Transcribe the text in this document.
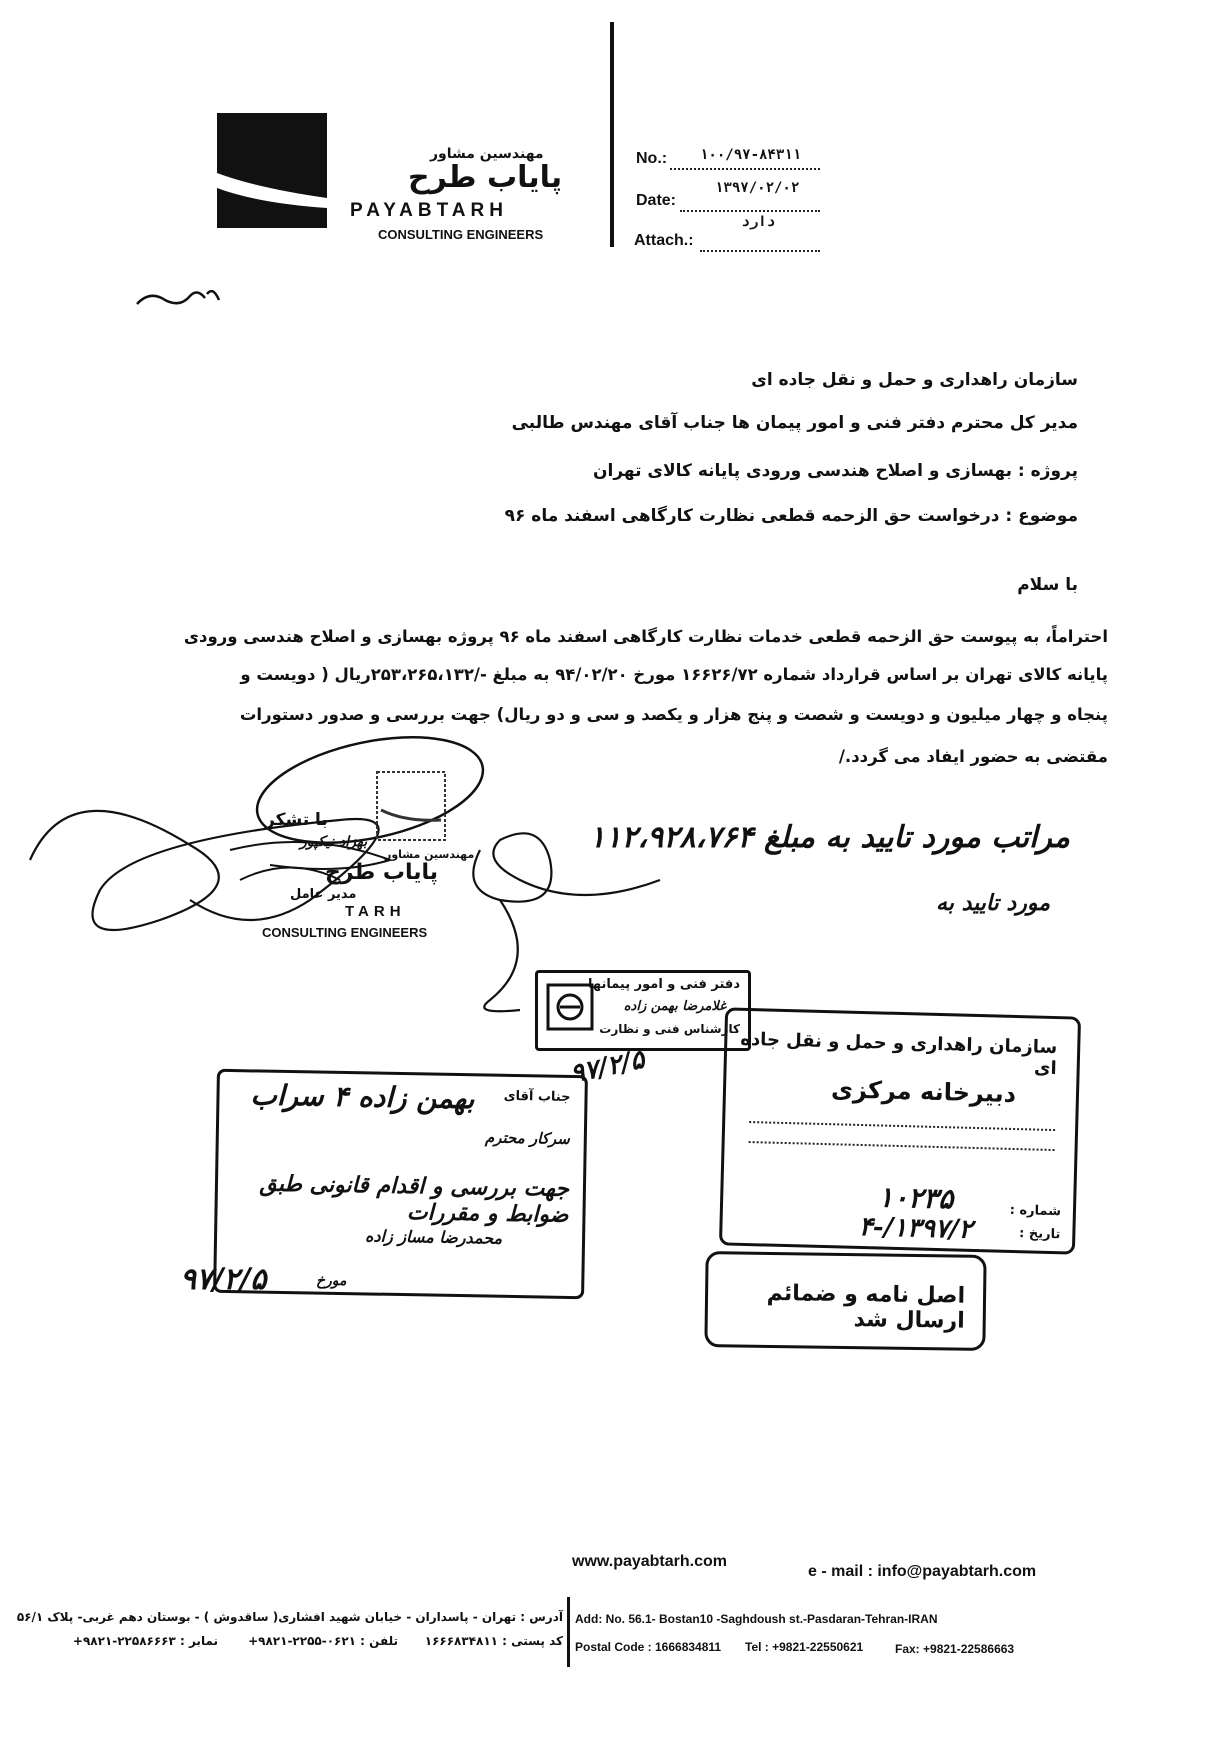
مهندسین مشاور
پایاب طرح
PAYABTARH
CONSULTING ENGINEERS
No.: ۱۰۰/۹۷-۸۴۳۱۱
Date:
۱۳۹۷/۰۲/۰۲
Attach.:
دارد
سازمان راهداری و حمل و نقل جاده ای
مدیر کل محترم دفتر فنی و امور پیمان ها جناب آقای مهندس طالبی
پروژه : بهسازی و اصلاح هندسی ورودی پایانه کالای تهران
موضوع : درخواست حق الزحمه قطعی نظارت کارگاهی اسفند ماه ۹۶
با سلام
احتراماً، به پیوست حق الزحمه قطعی خدمات نظارت کارگاهی اسفند ماه ۹۶ پروژه بهسازی و اصلاح هندسی ورودی
پایانه کالای تهران بر اساس قرارداد شماره ۱۶۶۲۶/۷۲ مورخ ۹۴/۰۲/۲۰ به مبلغ -/۲۵۳،۲۶۵،۱۳۲ریال ( دویست و
پنجاه و چهار میلیون و دویست و شصت و پنج هزار و یکصد و سی و دو ریال) جهت بررسی و صدور دستورات
مقتضی به حضور ایفاد می گردد./
با تشکر
مهندسین مشاور
پایاب طرح
بهزاد نیکپور
مدیر عامل
TARH
CONSULTING ENGINEERS
مراتب مورد تایید به مبلغ ۱۱۲،۹۲۸،۷۶۴
مورد تایید به
دفتر فنی و امور پیمانها
غلامرضا بهمن زاده
کارشناس فنی و نظارت سازمان راهداری و حمل و نقل جاده ای
دبیرخانه مرکزی
شماره :
۱۰۲۳۵
تاریخ :
۱۳۹۷/۲/-۴
جناب آقای
بهمن زاده ۴ سراب
سرکار محترم
جهت بررسی و اقدام قانونی طبق ضوابط و مقررات
محمدرضا مساز زاده
مورخ
۹۷/۲/۵
۹۷/۲/۵
اصل نامه و ضمائم ارسال شد
www.payabtarh.com
e - mail : info@payabtarh.com
Add: No. 56.1- Bostan10 -Saghdoush st.-Pasdaran-Tehran-IRAN
Postal Code : 1666834811 Tel : +9821-22550621	Fax: +9821-22586663
آدرس : تهران - پاسداران - خیابان شهید افشاری( ساقدوش ) - بوستان دهم غربی- پلاک ۵۶/۱
کد پستی : ۱۶۶۶۸۳۴۸۱۱
تلفن : ۰۶۲۱-۲۲۵۵-۹۸۲۱+
نمابر : ۲۲۵۸۶۶۶۳-۹۸۲۱+
